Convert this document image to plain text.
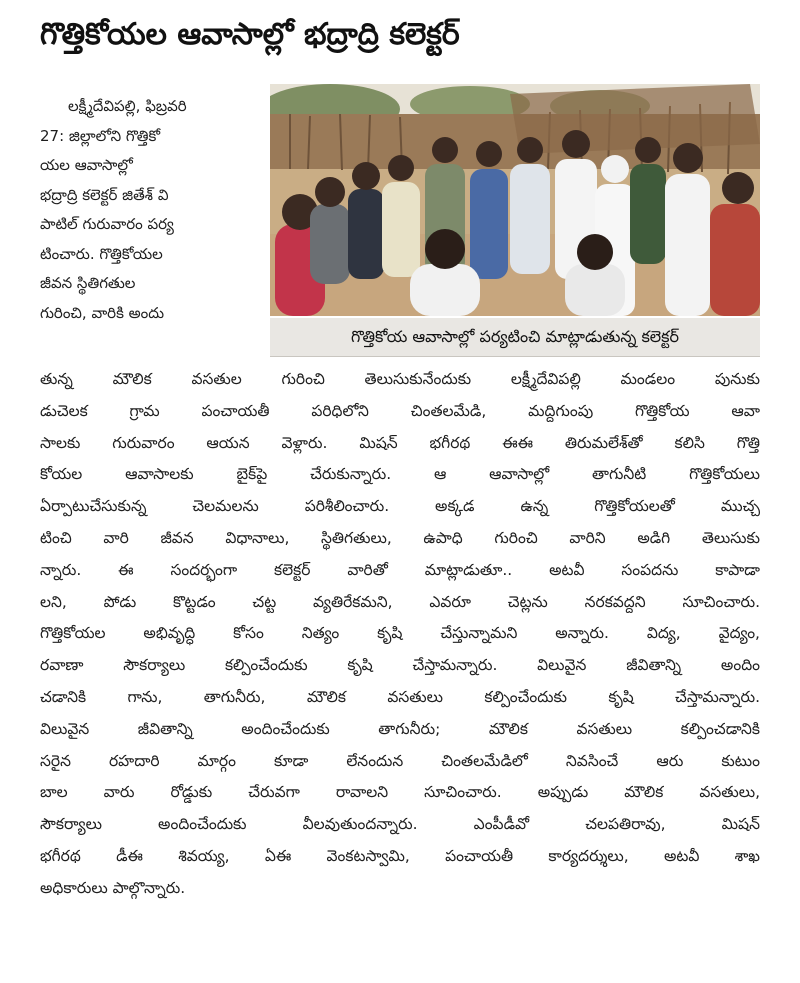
గొత్తికోయల ఆవాసాల్లో భద్రాద్రి కలెక్టర్
లక్ష్మీదేవిపల్లి, ఫిబ్రవరి
27: జిల్లాలోని గొత్తికో
యల ఆవాసాల్లో
భద్రాద్రి కలెక్టర్ జితేశ్ వి
పాటిల్ గురువారం పర్య
టించారు. గొత్తికోయల
జీవన స్థితిగతుల
గురించి, వారికి అందు
గొత్తికోయ ఆవాసాల్లో పర్యటించి మాట్లాడుతున్న కలెక్టర్
తున్న మౌలిక వసతుల గురించి తెలుసుకునేందుకు లక్ష్మీదేవిపల్లి మండలం పునుకు
డుచెలక గ్రామ పంచాయతీ పరిధిలోని చింతలమేడి, మద్దిగుంపు గొత్తికోయ ఆవా
సాలకు గురువారం ఆయన వెళ్లారు. మిషన్ భగీరథ ఈఈ తిరుమలేశ్‌తో కలిసి గొత్తి
కోయల ఆవాసాలకు బైక్‌పై చేరుకున్నారు. ఆ ఆవాసాల్లో తాగునీటి గొత్తికోయలు
ఏర్పాటుచేసుకున్న చెలమలను పరిశీలించారు. అక్కడ ఉన్న గొత్తికోయలతో ముచ్చ
టించి వారి జీవన విధానాలు, స్థితిగతులు, ఉపాధి గురించి వారిని అడిగి తెలుసుకు
న్నారు. ఈ సందర్భంగా కలెక్టర్ వారితో మాట్లాడుతూ.. అటవీ సంపదను కాపాడా
లని, పోడు కొట్టడం చట్ట వ్యతిరేకమని, ఎవరూ చెట్లను నరకవద్దని సూచించారు.
గొత్తికోయల అభివృద్ధి కోసం నిత్యం కృషి చేస్తున్నామని అన్నారు. విద్య, వైద్యం,
రవాణా సౌకర్యాలు కల్పించేందుకు కృషి చేస్తామన్నారు. విలువైన జీవితాన్ని అందిం
చడానికి గాను, తాగునీరు, మౌలిక వసతులు కల్పించేందుకు కృషి చేస్తామన్నారు.
విలువైన జీవితాన్ని అందించేందుకు తాగునీరు; మౌలిక వసతులు కల్పించడానికి
సరైన రహదారి మార్గం కూడా లేనందున చింతలమేడిలో నివసించే ఆరు కుటుం
బాల వారు రోడ్డుకు చేరువగా రావాలని సూచించారు. అప్పుడు మౌలిక వసతులు,
సౌకర్యాలు అందించేందుకు వీలవుతుందన్నారు. ఎంపీడీవో చలపతిరావు, మిషన్
భగీరథ డీఈ శివయ్య, ఏఈ వెంకటస్వామి, పంచాయతీ కార్యదర్శులు, అటవీ శాఖ
అధికారులు పాల్గొన్నారు.
